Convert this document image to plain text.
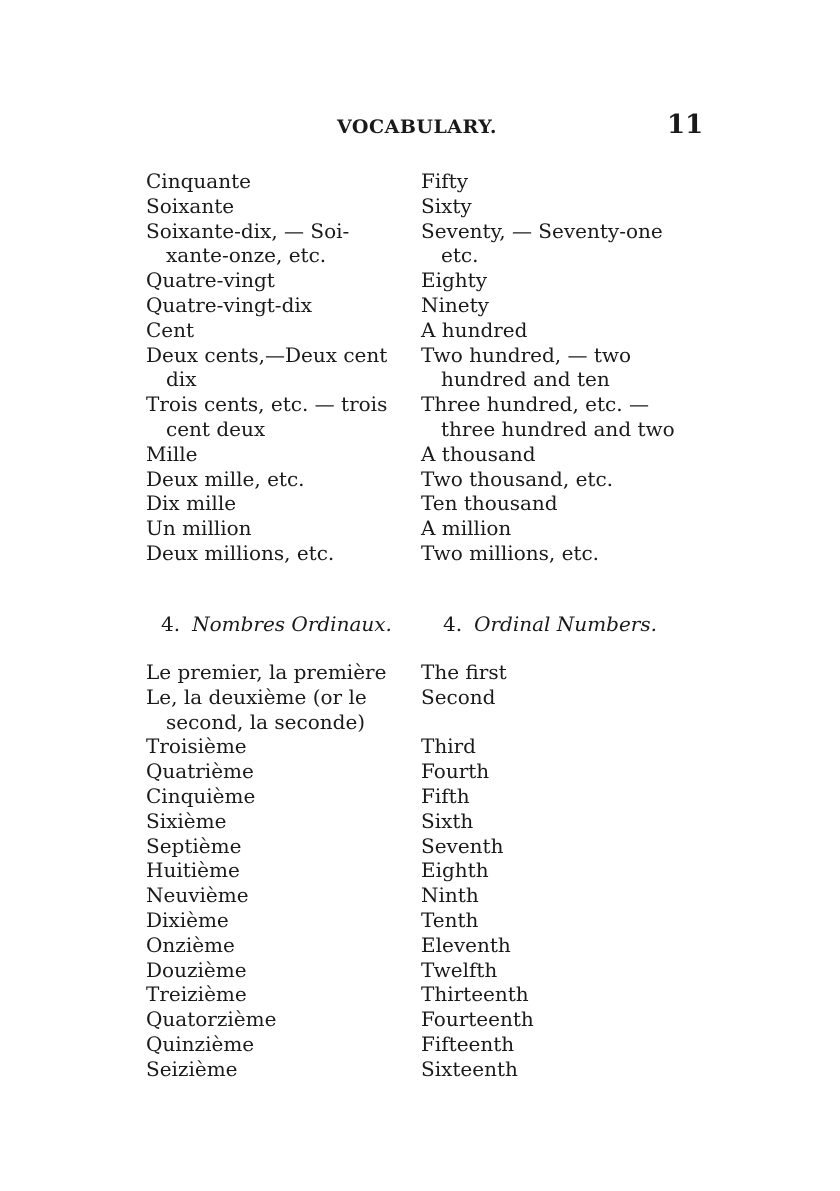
VOCABULARY.	11
Cinquante
Soixante
Soixante-dix, — Soi-
xante-onze, etc.
Quatre-vingt
Quatre-vingt-dix
Cent
Deux cents,—Deux cent
dix
Trois cents, etc. — trois
cent deux
Mille
Deux mille, etc.
Dix mille
Un million
Deux millions, etc.
Fifty
Sixty
Seventy, — Seventy-one
etc.
Eighty
Ninety
A hundred
Two hundred, — two
hundred and ten
Three hundred, etc. —
three hundred and two
A thousand
Two thousand, etc.
Ten thousand
A million
Two millions, etc.
4. Nombres Ordinaux.	4. Ordinal Numbers.
Le premier, la première
Le, la deuxième (or le
second, la seconde)
Troisième
Quatrième
Cinquième
Sixième
Septième
Huitième
Neuvième
Dixième
Onzième
Douzième
Treizième
Quatorzième
Quinzième
Seizième
The first
Second
Third
Fourth
Fifth
Sixth
Seventh
Eighth
Ninth
Tenth
Eleventh
Twelfth
Thirteenth
Fourteenth
Fifteenth
Sixteenth
